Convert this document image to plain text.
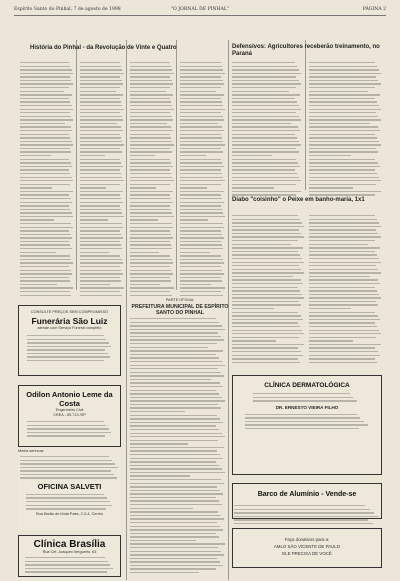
Espírito Santo do Pinhal, 7 de agosto de 1998	"O JORNAL DE PINHAL"	PÁGINA 2
História do Pinhal - da Revolução de Vinte e Quatro	Defensivos: Agricultores receberão treinamento, no Paraná
Diabo "coisinho" o Peixe em banho-maria, 1x1
PARTE OFICIAL
PREFEITURA MUNICIPAL DE ESPÍRITO SANTO DO PINHAL
CONSULTE PREÇOS SEM COMPROMISSO
Funerária São Luiz
atende com Serviço Funeral completo
Odilon Antonio Leme da Costa
Engenheiro Civil
CREA - 69.713 /SP
Minha senhora:
OFICINA SALVETI
Rua Barão de Mota Paes, 2-3-4, Centro
Clínica Brasília
Rua Cel. Joaquim Vergueiro, 63
CLÍNICA DERMATOLÓGICA
DR. ERNESTO VIEIRA FILHO
Barco de Alumínio - Vende-se
Faça donativos para a:
AMLO SÃO VICENTE DE PAULO
ELE PRECISA DE VOCÊ
